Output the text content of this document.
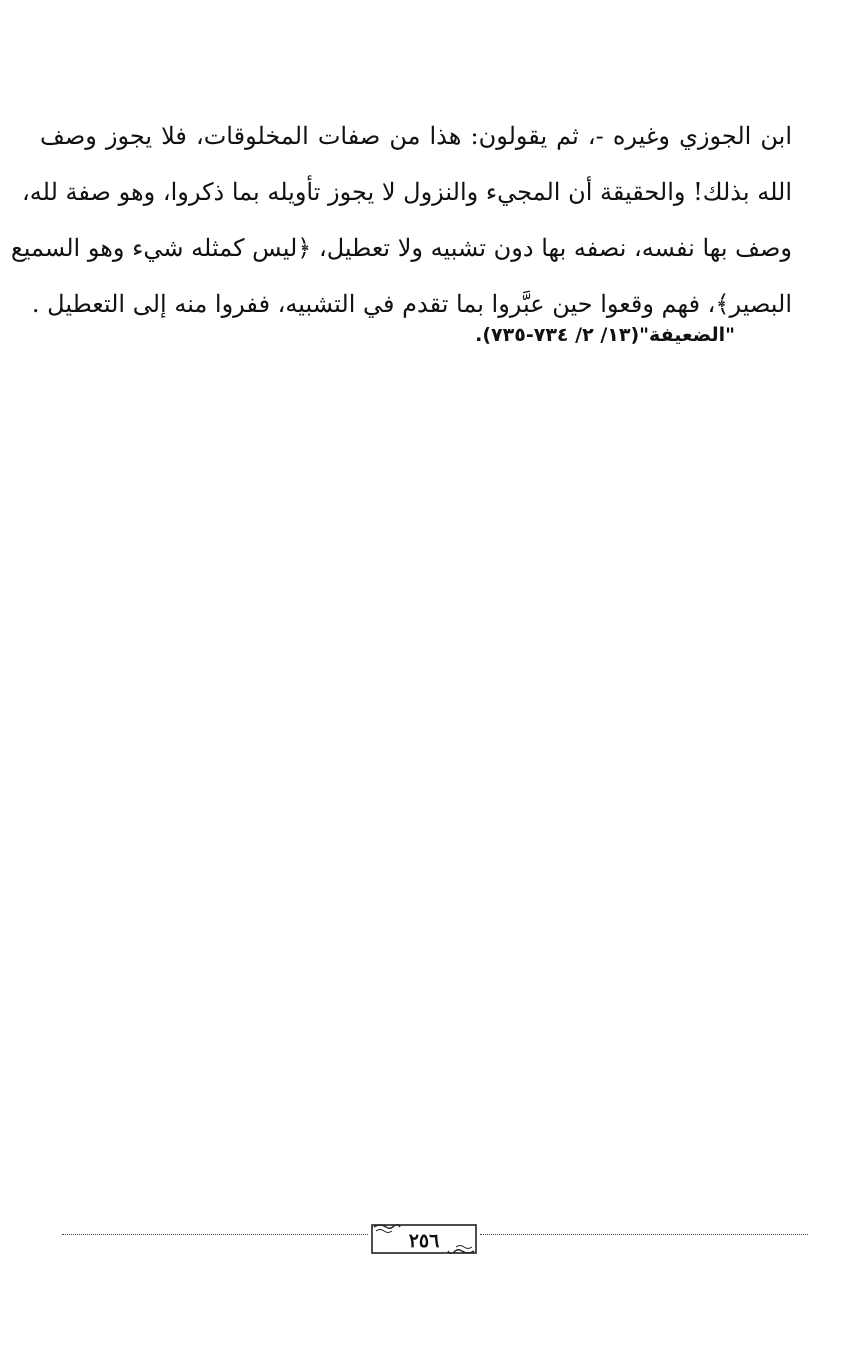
ابن الجوزي وغيره -، ثم يقولون: هذا من صفات المخلوقات، فلا يجوز وصف
الله بذلك! والحقيقة أن المجيء والنزول لا يجوز تأويله بما ذكروا، وهو صفة لله،
وصف بها نفسه، نصفه بها دون تشبيه ولا تعطيل، ﴿ليس كمثله شيء وهو السميع
البصير﴾، فهم وقعوا حين عبَّروا بما تقدم في التشبيه، ففروا منه إلى التعطيل .
"الضعيفة"(١٣/ ٢/ ٧٣٤-٧٣٥).
٢٥٦
